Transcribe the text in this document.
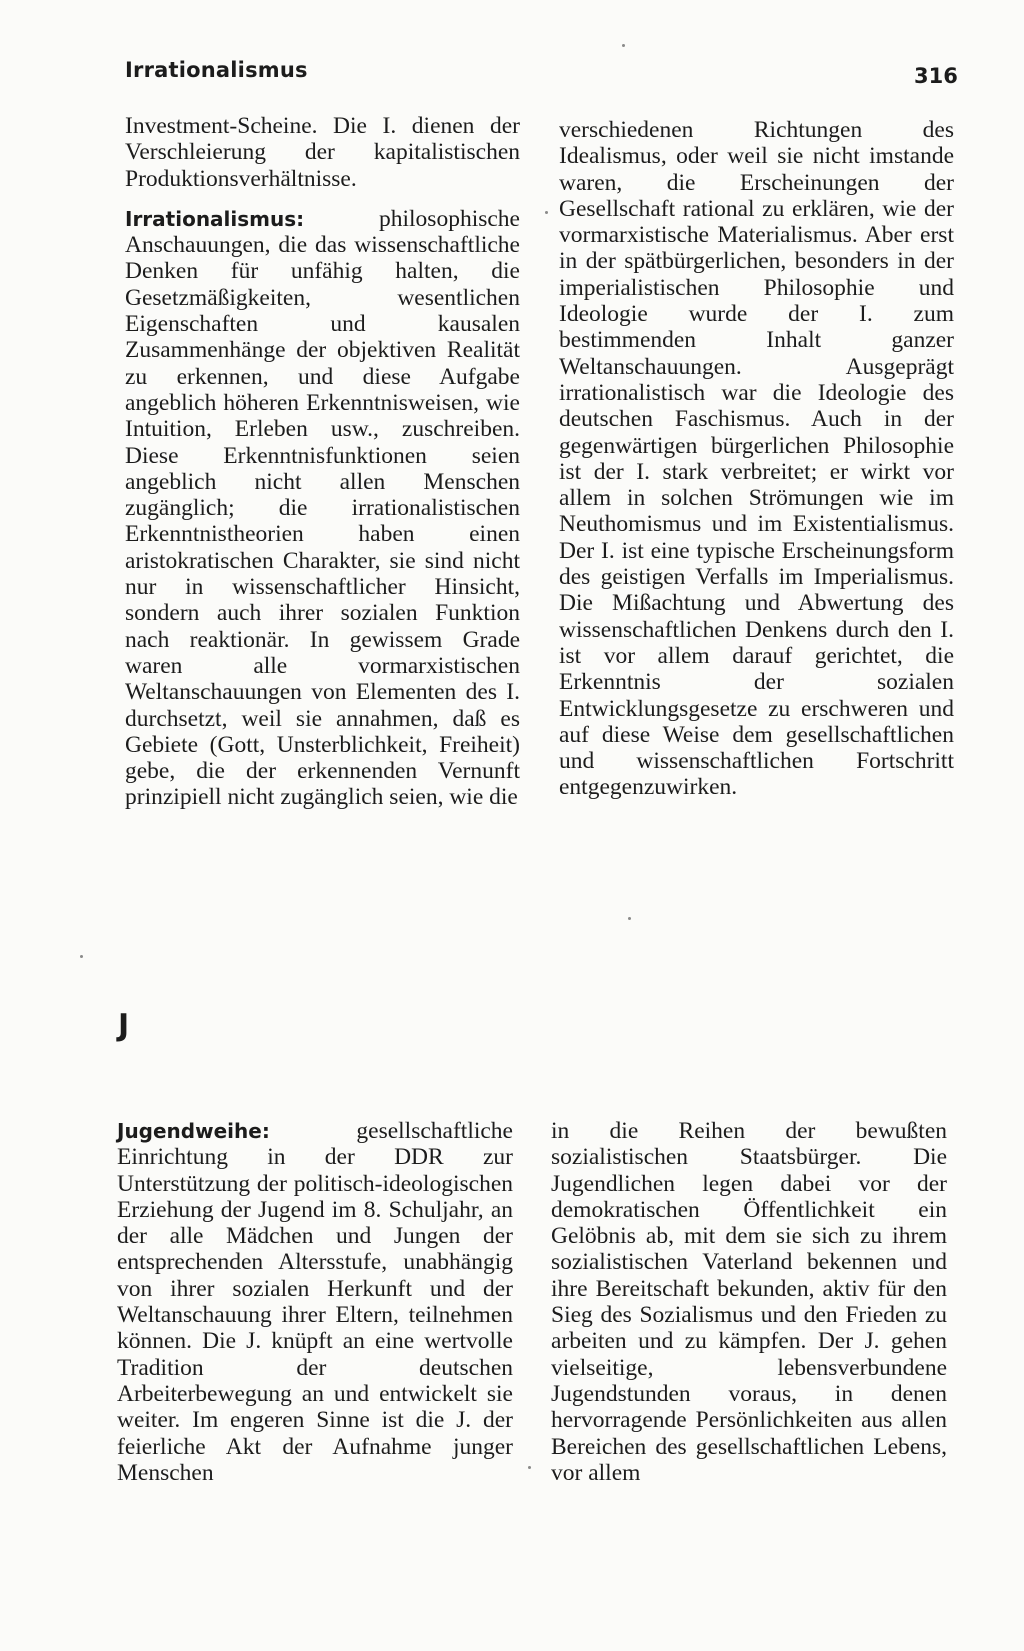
Irrationalismus	316

Investment-Scheine. Die I. dienen der Verschleierung der kapitalistischen Produktionsverhältnisse.

Irrationalismus: philosophische Anschauungen, die das wissenschaftliche Denken für unfähig halten, die Gesetzmäßigkeiten, wesentlichen Eigenschaften und kausalen Zusammenhänge der objektiven Realität zu erkennen, und diese Aufgabe angeblich höheren Erkenntnisweisen, wie Intuition, Erleben usw., zuschreiben. Diese Erkenntnisfunktionen seien angeblich nicht allen Menschen zugänglich; die irrationalistischen Erkenntnistheorien haben einen aristokratischen Charakter, sie sind nicht nur in wissenschaftlicher Hinsicht, sondern auch ihrer sozialen Funktion nach reaktionär. In gewissem Grade waren alle vormarxistischen Weltanschauungen von Elementen des I. durchsetzt, weil sie annahmen, daß es Gebiete (Gott, Unsterblichkeit, Freiheit) gebe, die der erkennenden Vernunft prinzipiell nicht zugänglich seien, wie die

verschiedenen Richtungen des Idealismus, oder weil sie nicht imstande waren, die Erscheinungen der Gesellschaft rational zu erklären, wie der vormarxistische Materialismus. Aber erst in der spätbürgerlichen, besonders in der imperialistischen Philosophie und Ideologie wurde der I. zum bestimmenden Inhalt ganzer Weltanschauungen. Ausgeprägt irrationalistisch war die Ideologie des deutschen Faschismus. Auch in der gegenwärtigen bürgerlichen Philosophie ist der I. stark verbreitet; er wirkt vor allem in solchen Strömungen wie im Neuthomismus und im Existentialismus. Der I. ist eine typische Erscheinungsform des geistigen Verfalls im Imperialismus. Die Mißachtung und Abwertung des wissenschaftlichen Denkens durch den I. ist vor allem darauf gerichtet, die Erkenntnis der sozialen Entwicklungsgesetze zu erschweren und auf diese Weise dem gesellschaftlichen und wissenschaftlichen Fortschritt entgegenzuwirken.

J

Jugendweihe: gesellschaftliche Einrichtung in der DDR zur Unterstützung der politisch-ideologischen Erziehung der Jugend im 8. Schuljahr, an der alle Mädchen und Jungen der entsprechenden Altersstufe, unabhängig von ihrer sozialen Herkunft und der Weltanschauung ihrer Eltern, teilnehmen können. Die J. knüpft an eine wertvolle Tradition der deutschen Arbeiterbewegung an und entwickelt sie weiter. Im engeren Sinne ist die J. der feierliche Akt der Aufnahme junger Menschen

in die Reihen der bewußten sozialistischen Staatsbürger. Die Jugendlichen legen dabei vor der demokratischen Öffentlichkeit ein Gelöbnis ab, mit dem sie sich zu ihrem sozialistischen Vaterland bekennen und ihre Bereitschaft bekunden, aktiv für den Sieg des Sozialismus und den Frieden zu arbeiten und zu kämpfen. Der J. gehen vielseitige, lebensverbundene Jugendstunden voraus, in denen hervorragende Persönlichkeiten aus allen Bereichen des gesellschaftlichen Lebens, vor allem
